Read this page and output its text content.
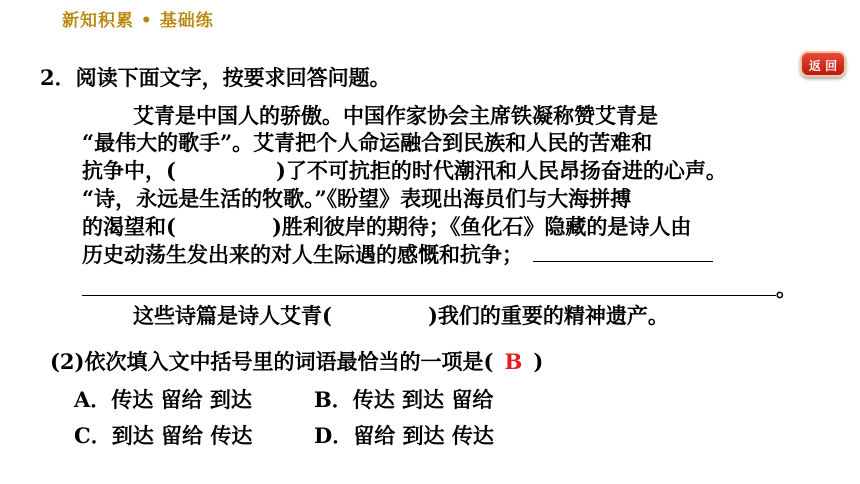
新知积累 • 基础练
返 回
2．阅读下面文字，按要求回答问题。
艾青是中国人的骄傲。中国作家协会主席铁凝称赞艾青是
“最伟大的歌手”。艾青把个人命运融合到民族和人民的苦难和
抗争中，(	)了不可抗拒的时代潮汛和人民昂扬奋进的心声。
“诗，永远是生活的牧歌。”《盼望》表现出海员们与大海拼搏
的渴望和(	)胜利彼岸的期待；《鱼化石》隐藏的是诗人由
历史动荡生发出来的对人生际遇的感慨和抗争；
。
这些诗篇是诗人艾青(	)我们的重要的精神遗产。
(2)依次填入文中括号里的词语最恰当的一项是( B )
A．传达 留给 到达	B．传达 到达 留给
C．到达 留给 传达	D．留给 到达 传达
